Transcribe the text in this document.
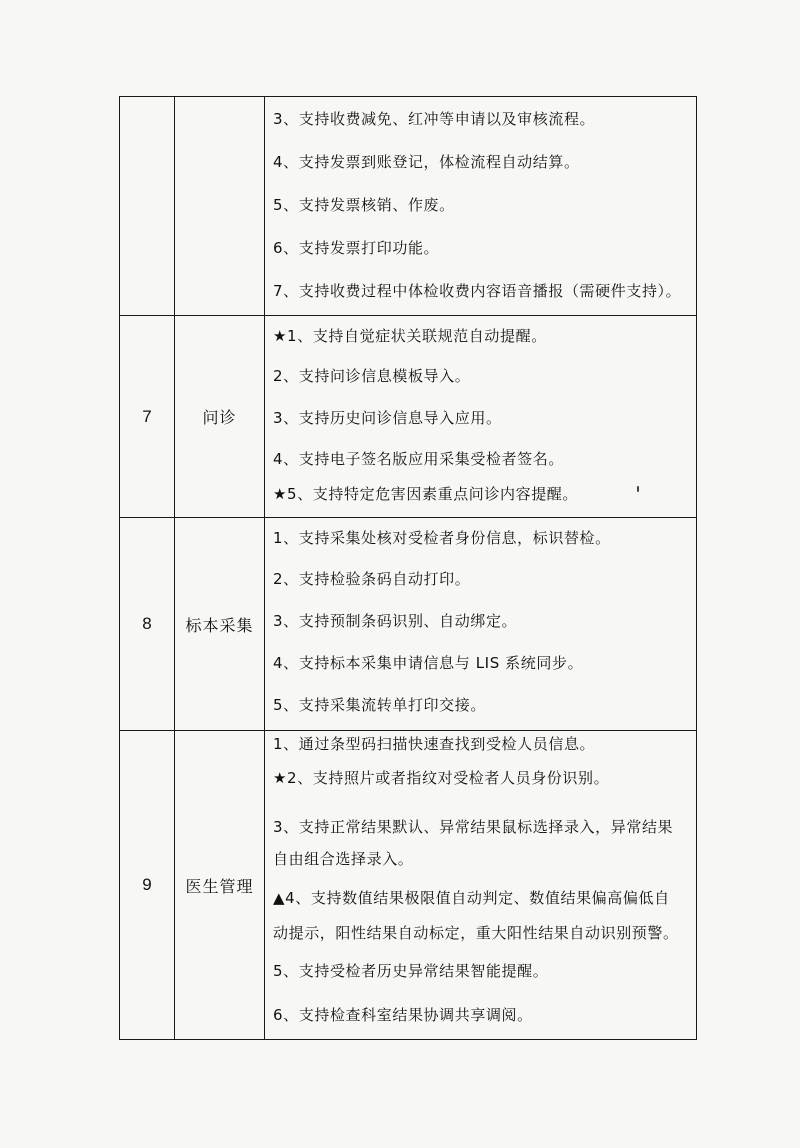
3、支持收费减免、红冲等申请以及审核流程。
4、支持发票到账登记，体检流程自动结算。
5、支持发票核销、作废。
6、支持发票打印功能。
7、支持收费过程中体检收费内容语音播报（需硬件支持）。
7	问诊
★1、支持自觉症状关联规范自动提醒。
2、支持问诊信息模板导入。
3、支持历史问诊信息导入应用。
4、支持电子签名版应用采集受检者签名。
★5、支持特定危害因素重点问诊内容提醒。
8	标本采集
1、支持采集处核对受检者身份信息，标识替检。
2、支持检验条码自动打印。
3、支持预制条码识别、自动绑定。
4、支持标本采集申请信息与 LIS 系统同步。
5、支持采集流转单打印交接。
9	医生管理
1、通过条型码扫描快速查找到受检人员信息。
★2、支持照片或者指纹对受检者人员身份识别。
3、支持正常结果默认、异常结果鼠标选择录入，异常结果
自由组合选择录入。
▲4、支持数值结果极限值自动判定、数值结果偏高偏低自
动提示，阳性结果自动标定，重大阳性结果自动识别预警。
5、支持受检者历史异常结果智能提醒。
6、支持检查科室结果协调共享调阅。
